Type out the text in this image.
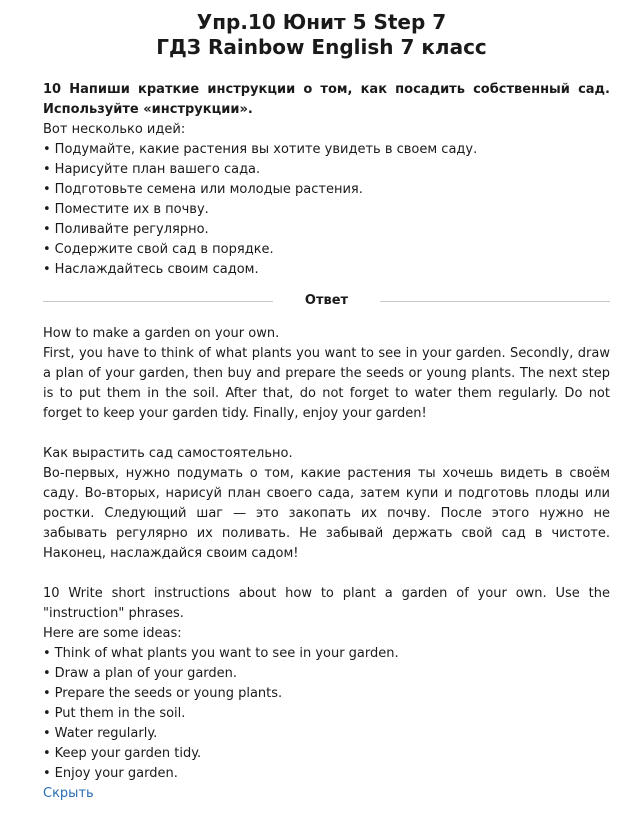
Упр.10 Юнит 5 Step 7
ГДЗ Rainbow English 7 класс

10 Напиши краткие инструкции о том, как посадить собственный сад. Используйте «инструкции».

Вот несколько идей:

• Подумайте, какие растения вы хотите увидеть в своем саду.
• Нарисуйте план вашего сада.
• Подготовьте семена или молодые растения.
• Поместите их в почву.
• Поливайте регулярно.
• Содержите свой сад в порядке.
• Наслаждайтесь своим садом.
Ответ

How to make a garden on your own.

First, you have to think of what plants you want to see in your garden. Secondly, draw a plan of your garden, then buy and prepare the seeds or young plants. The next step is to put them in the soil. After that, do not forget to water them regularly. Do not forget to keep your garden tidy. Finally, enjoy your garden!

Как вырастить сад самостоятельно.

Во-первых, нужно подумать о том, какие растения ты хочешь видеть в своём саду. Во-вторых, нарисуй план своего сада, затем купи и подготовь плоды или ростки. Следующий шаг — это закопать их почву. После этого нужно не забывать регулярно их поливать. Не забывай держать свой сад в чистоте. Наконец, наслаждайся своим садом!

10 Write short instructions about how to plant a garden of your own. Use the "instruction" phrases.

Here are some ideas:

• Think of what plants you want to see in your garden.
• Draw a plan of your garden.
• Prepare the seeds or young plants.
• Put them in the soil.
• Water regularly.
• Keep your garden tidy.
• Enjoy your garden.
Скрыть
